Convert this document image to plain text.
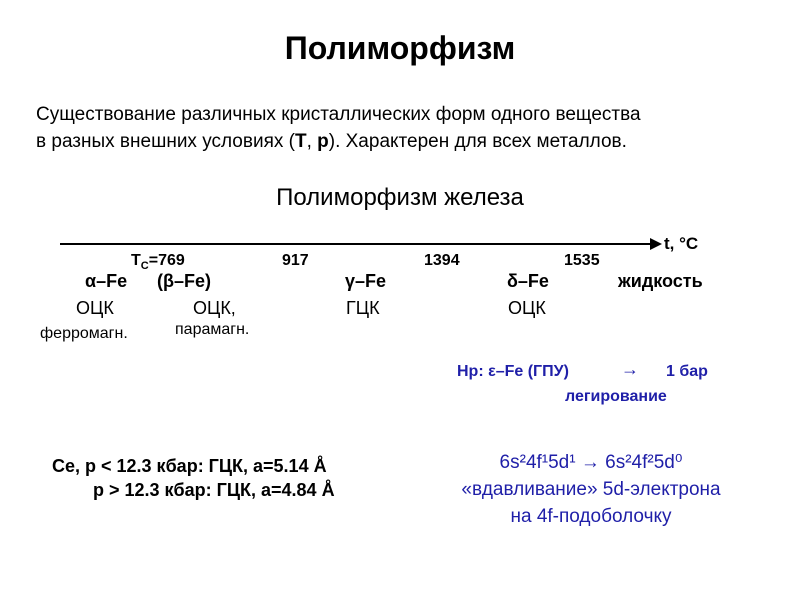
Полиморфизм
Существование различных кристаллических форм одного вещества
в разных внешних условиях (T, p). Характерен для всех металлов.
Полиморфизм железа
t, °C
$T_C=769$	917	1394	1535
α–Fe (β–Fe)	γ–Fe	δ–Fe	жидкость
ОЦК	ОЦК,	ГЦК	ОЦК
ферромагн.	парамагн.
Hp: ε–Fe (ГПУ)	→ 1 бар
легирование
Ce, p < 12.3 кбар: ГЦК, a=5.14 Å
p > 12.3 кбар: ГЦК, a=4.84 Å
6s²4f¹5d¹ → 6s²4f²5d⁰
«вдавливание» 5d-электрона
на 4f-подоболочку
